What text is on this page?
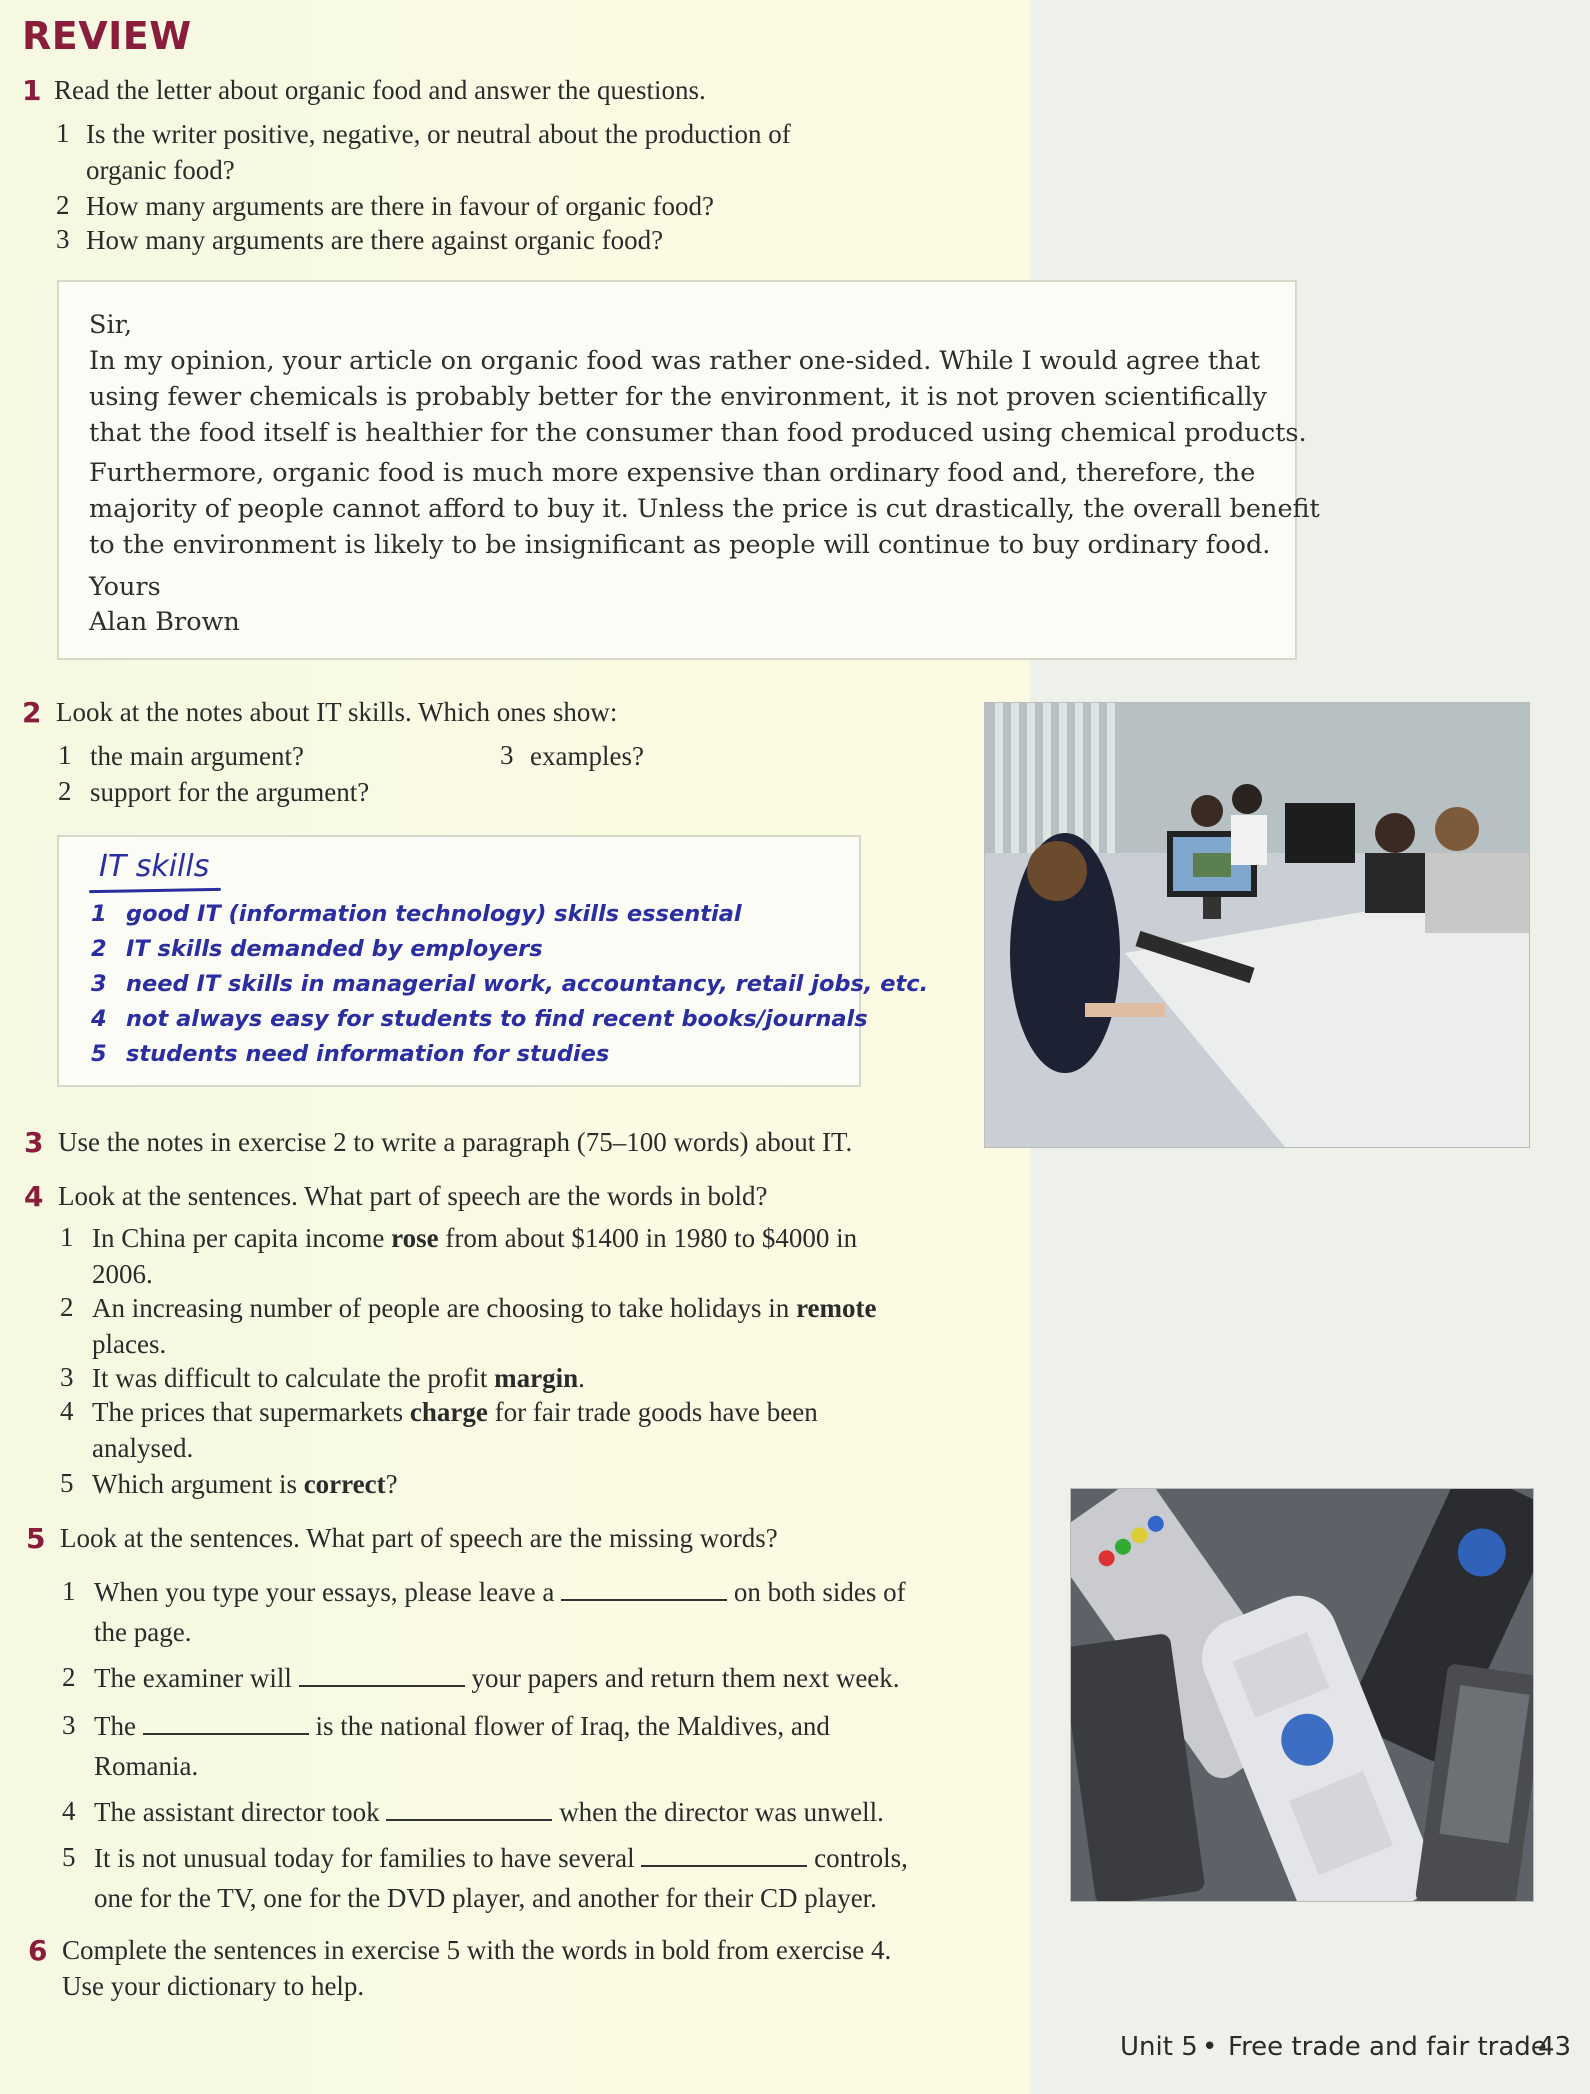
REVIEW
1 Read the letter about organic food and answer the questions.
1 Is the writer positive, negative, or neutral about the production of
organic food?
2 How many arguments are there in favour of organic food?
3 How many arguments are there against organic food?
Sir,
In my opinion, your article on organic food was rather one-sided. While I would agree that
using fewer chemicals is probably better for the environment, it is not proven scientifically
that the food itself is healthier for the consumer than food produced using chemical products.
Furthermore, organic food is much more expensive than ordinary food and, therefore, the
majority of people cannot afford to buy it. Unless the price is cut drastically, the overall benefit
to the environment is likely to be insignificant as people will continue to buy ordinary food.
Yours
Alan Brown
2 Look at the notes about IT skills. Which ones show:
1 the main argument?
2 support for the argument?
3 examples?
IT skills
1 good IT (information technology) skills essential
2 IT skills demanded by employers
3 need IT skills in managerial work, accountancy, retail jobs, etc.
4 not always easy for students to find recent books/journals
5 students need information for studies
3 Use the notes in exercise 2 to write a paragraph (75–100 words) about IT.
4 Look at the sentences. What part of speech are the words in bold?
1 In China per capita income rose from about $1400 in 1980 to $4000 in
2006.
2 An increasing number of people are choosing to take holidays in remote
places.
3 It was difficult to calculate the profit margin.
4 The prices that supermarkets charge for fair trade goods have been
analysed.
5 Which argument is correct?
5 Look at the sentences. What part of speech are the missing words?
1 When you type your essays, please leave a	on both sides of
the page.
2 The examiner will	your papers and return them next week.
3 The	is the national flower of Iraq, the Maldives, and
Romania.
4 The assistant director took	when the director was unwell.
5 It is not unusual today for families to have several	controls,
one for the TV, one for the DVD player, and another for their CD player.
6 Complete the sentences in exercise 5 with the words in bold from exercise 4.
Use your dictionary to help.
Unit 5 • Free trade and fair trade
43
